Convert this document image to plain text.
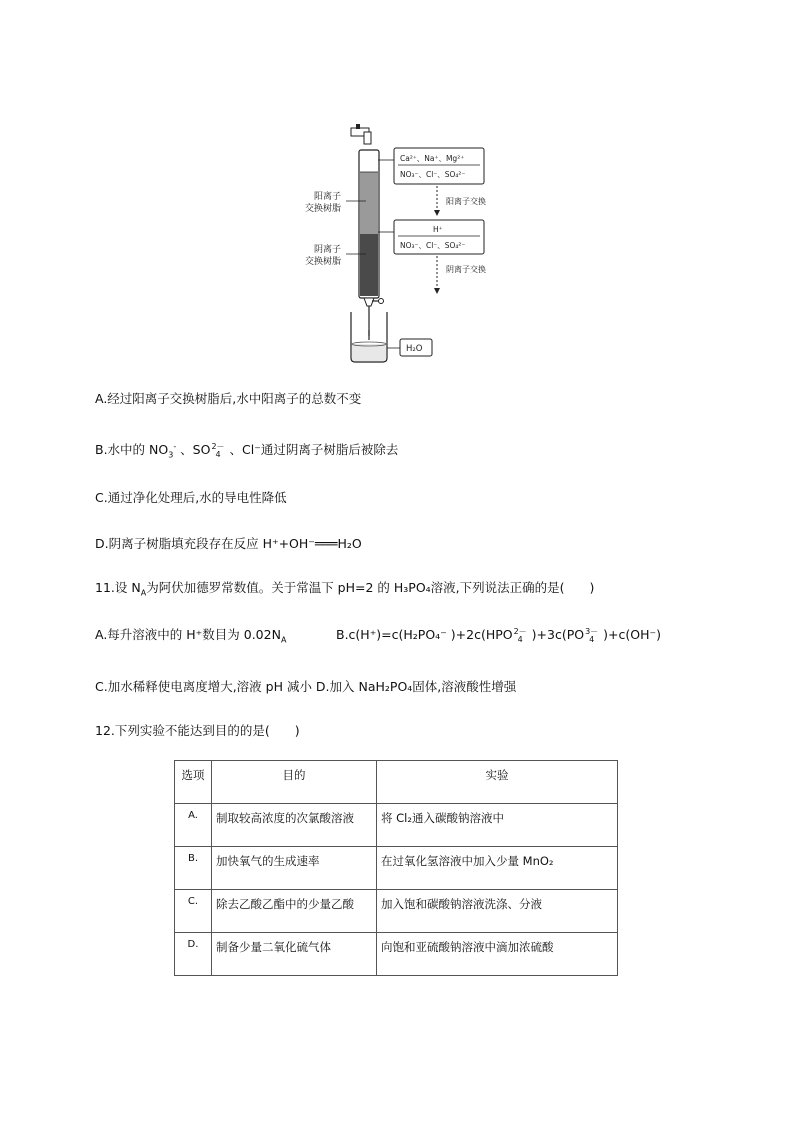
阳离子
交换树脂
阴离子
交换树脂
Ca²⁺、Na⁺、Mg²⁺
NO₃⁻、Cl⁻、SO₄²⁻
阳离子交换
H⁺
NO₃⁻、Cl⁻、SO₄²⁻
阴离子交换
H₂O
A.经过阳离子交换树脂后,水中阳离子的总数不变
B.水中的 $NO_3^-$ 、SO 2－
4 、Cl⁻通过阴离子树脂后被除去
C.通过净化处理后,水的导电性降低
D.阴离子树脂填充段存在反应 H⁺+OH⁻═══H₂O
11.设 $N_A$为阿伏加德罗常数值。关于常温下 pH=2 的 H₃PO₄溶液,下列说法正确的是(　　)
A.每升溶液中的 H⁺数目为 $0.02N_A$	B.c(H⁺)=c(H₂PO₄⁻ )+2c(HPO 2－
4 )+3c(PO 3－
4 )+c(OH⁻)
C.加水稀释使电离度增大,溶液 pH 减小 D.加入 NaH₂PO₄固体,溶液酸性增强
12.下列实验不能达到目的的是(　　)
选项	目的	实验
A.	制取较高浓度的次氯酸溶液	将 Cl₂通入碳酸钠溶液中
B.	加快氧气的生成速率	在过氧化氢溶液中加入少量 MnO₂
C.	除去乙酸乙酯中的少量乙酸	加入饱和碳酸钠溶液洗涤、分液
D.	制备少量二氧化硫气体	向饱和亚硫酸钠溶液中滴加浓硫酸
